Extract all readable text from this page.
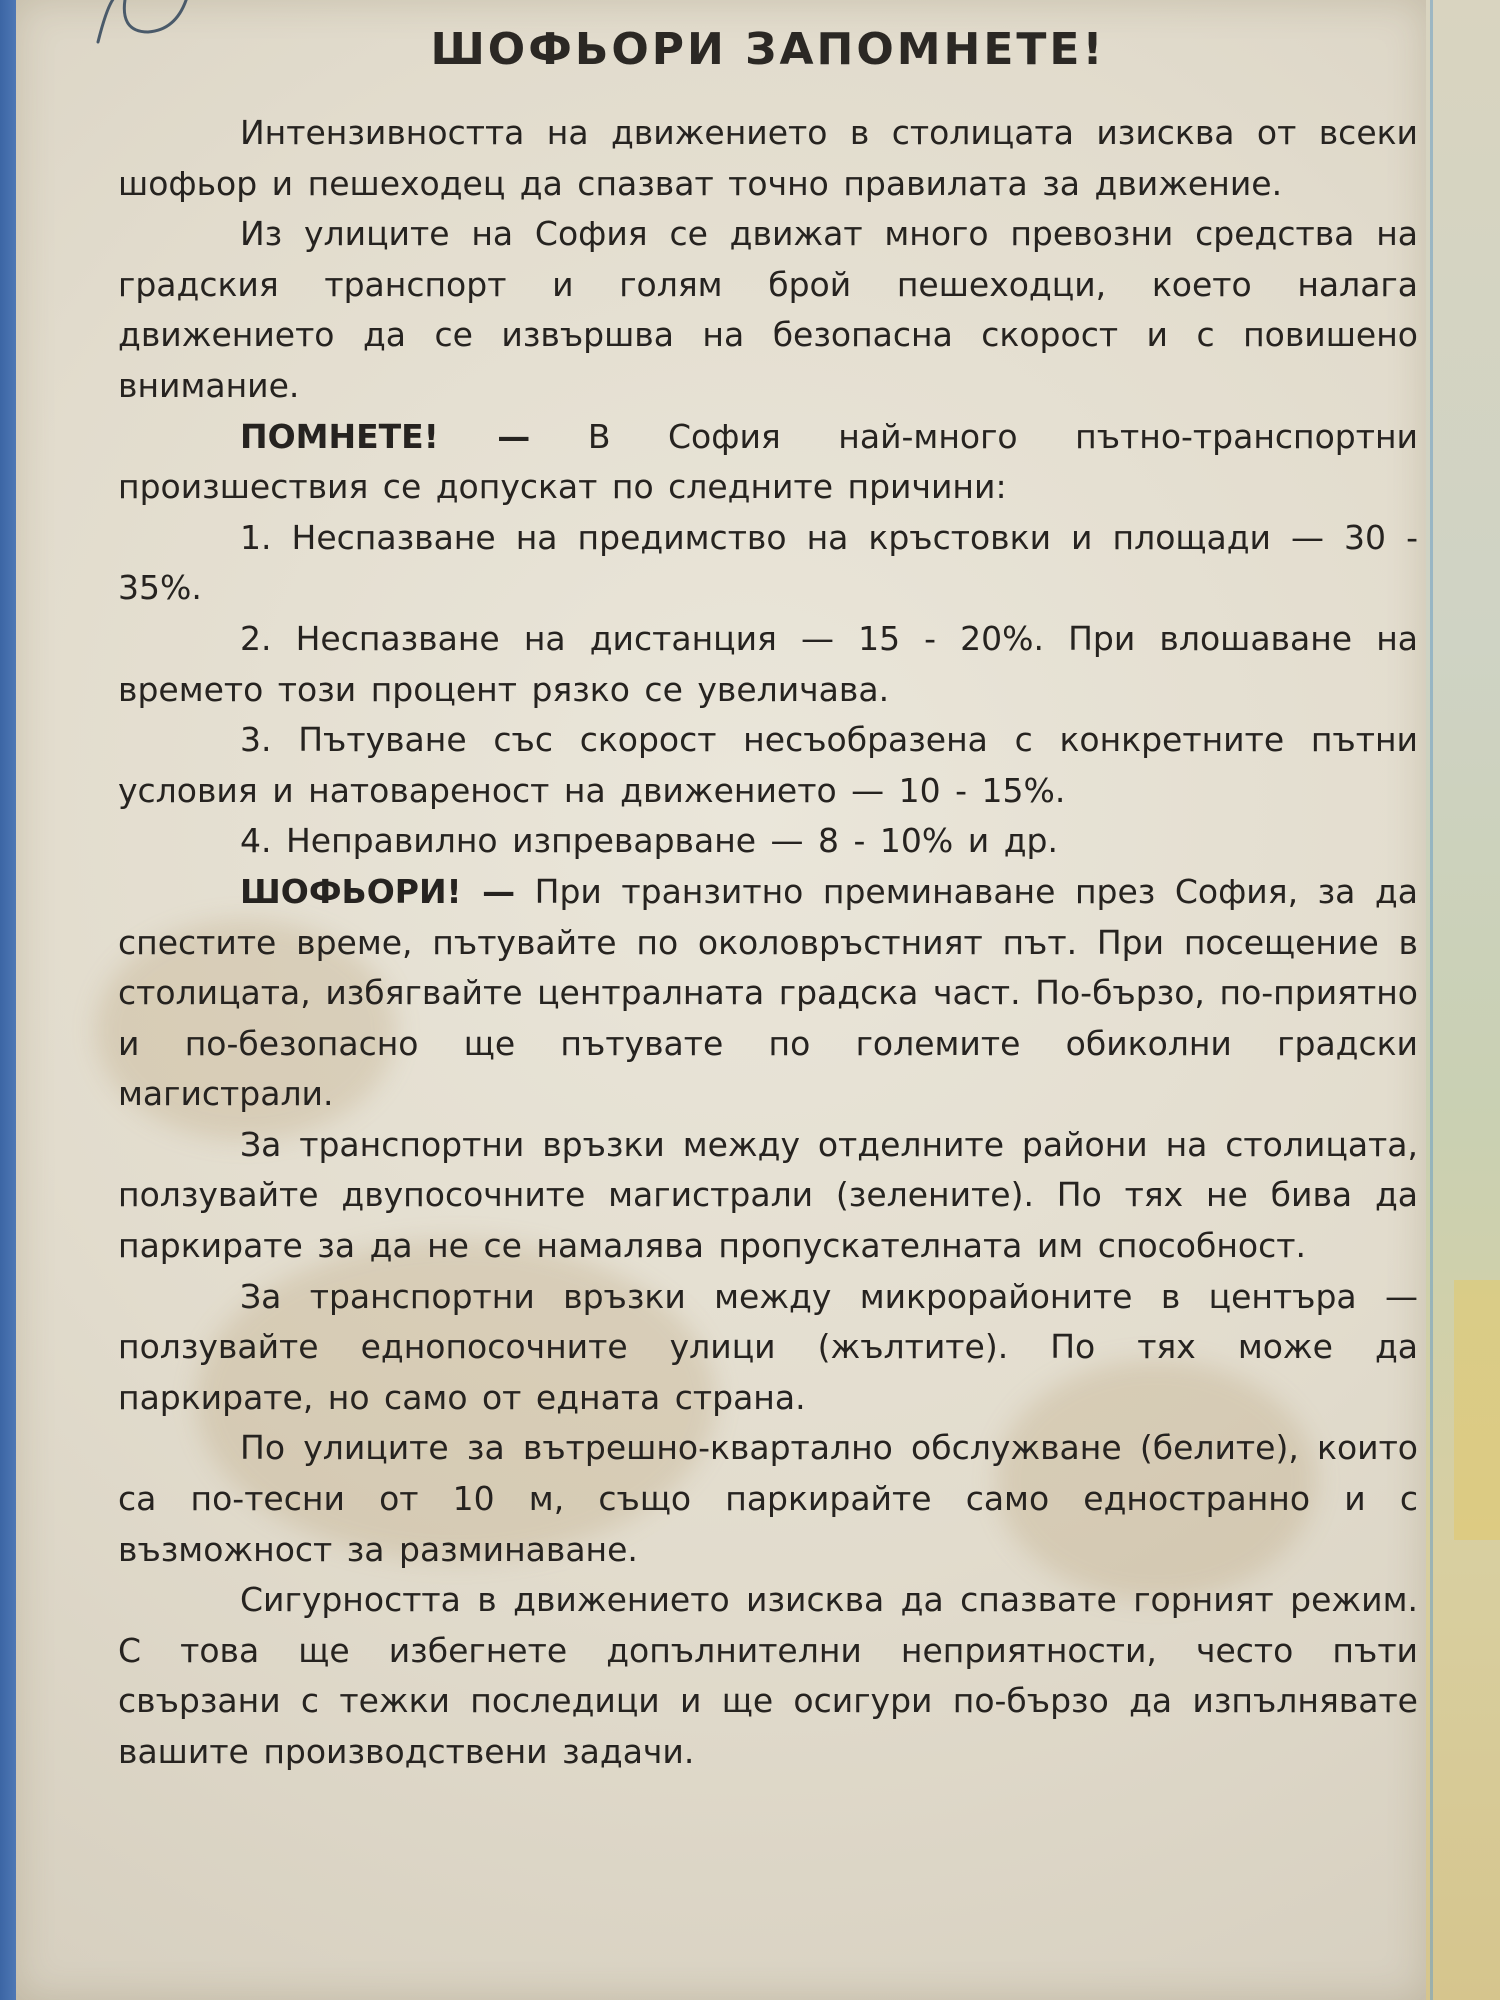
ШОФЬОРИ ЗАПОМНЕТЕ!

Интензивността на движението в столицата изисква от всеки шофьор и пешеходец да спазват точно правилата за движение.

Из улиците на София се движат много превозни средства на градския транспорт и голям брой пешеходци, което налага движението да се извършва на безопасна скорост и с повишено внимание.

ПОМНЕТЕ! — В София най-много пътно-транспортни произшествия се допускат по следните причини:

1. Неспазване на предимство на кръстовки и площади — 30 - 35%.

2. Неспазване на дистанция — 15 - 20%. При влошаване на времето този процент рязко се увеличава.

3. Пътуване със скорост несъобразена с конкретните пътни условия и натовареност на движението — 10 - 15%.

4. Неправилно изпреварване — 8 - 10% и др.

ШОФЬОРИ! — При транзитно преминаване през София, за да спестите време, пътувайте по околовръстният път. При посещение в столицата, избягвайте централната градска част. По-бързо, по-приятно и по-безопасно ще пътувате по големите обиколни градски магистрали.

За транспортни връзки между отделните райони на столицата, ползувайте двупосочните магистрали (зелените). По тях не бива да паркирате за да не се намалява пропускателната им способност.

За транспортни връзки между микрорайоните в центъра — ползувайте еднопосочните улици (жълтите). По тях може да паркирате, но само от едната страна.

По улиците за вътрешно-квартално обслужване (белите), които са по-тесни от 10 м, също паркирайте само едностранно и с възможност за разминаване.

Сигурността в движението изисква да спазвате горният режим. С това ще избегнете допълнителни неприятности, често пъти свързани с тежки последици и ще осигури по-бързо да изпълнявате вашите производствени задачи.
